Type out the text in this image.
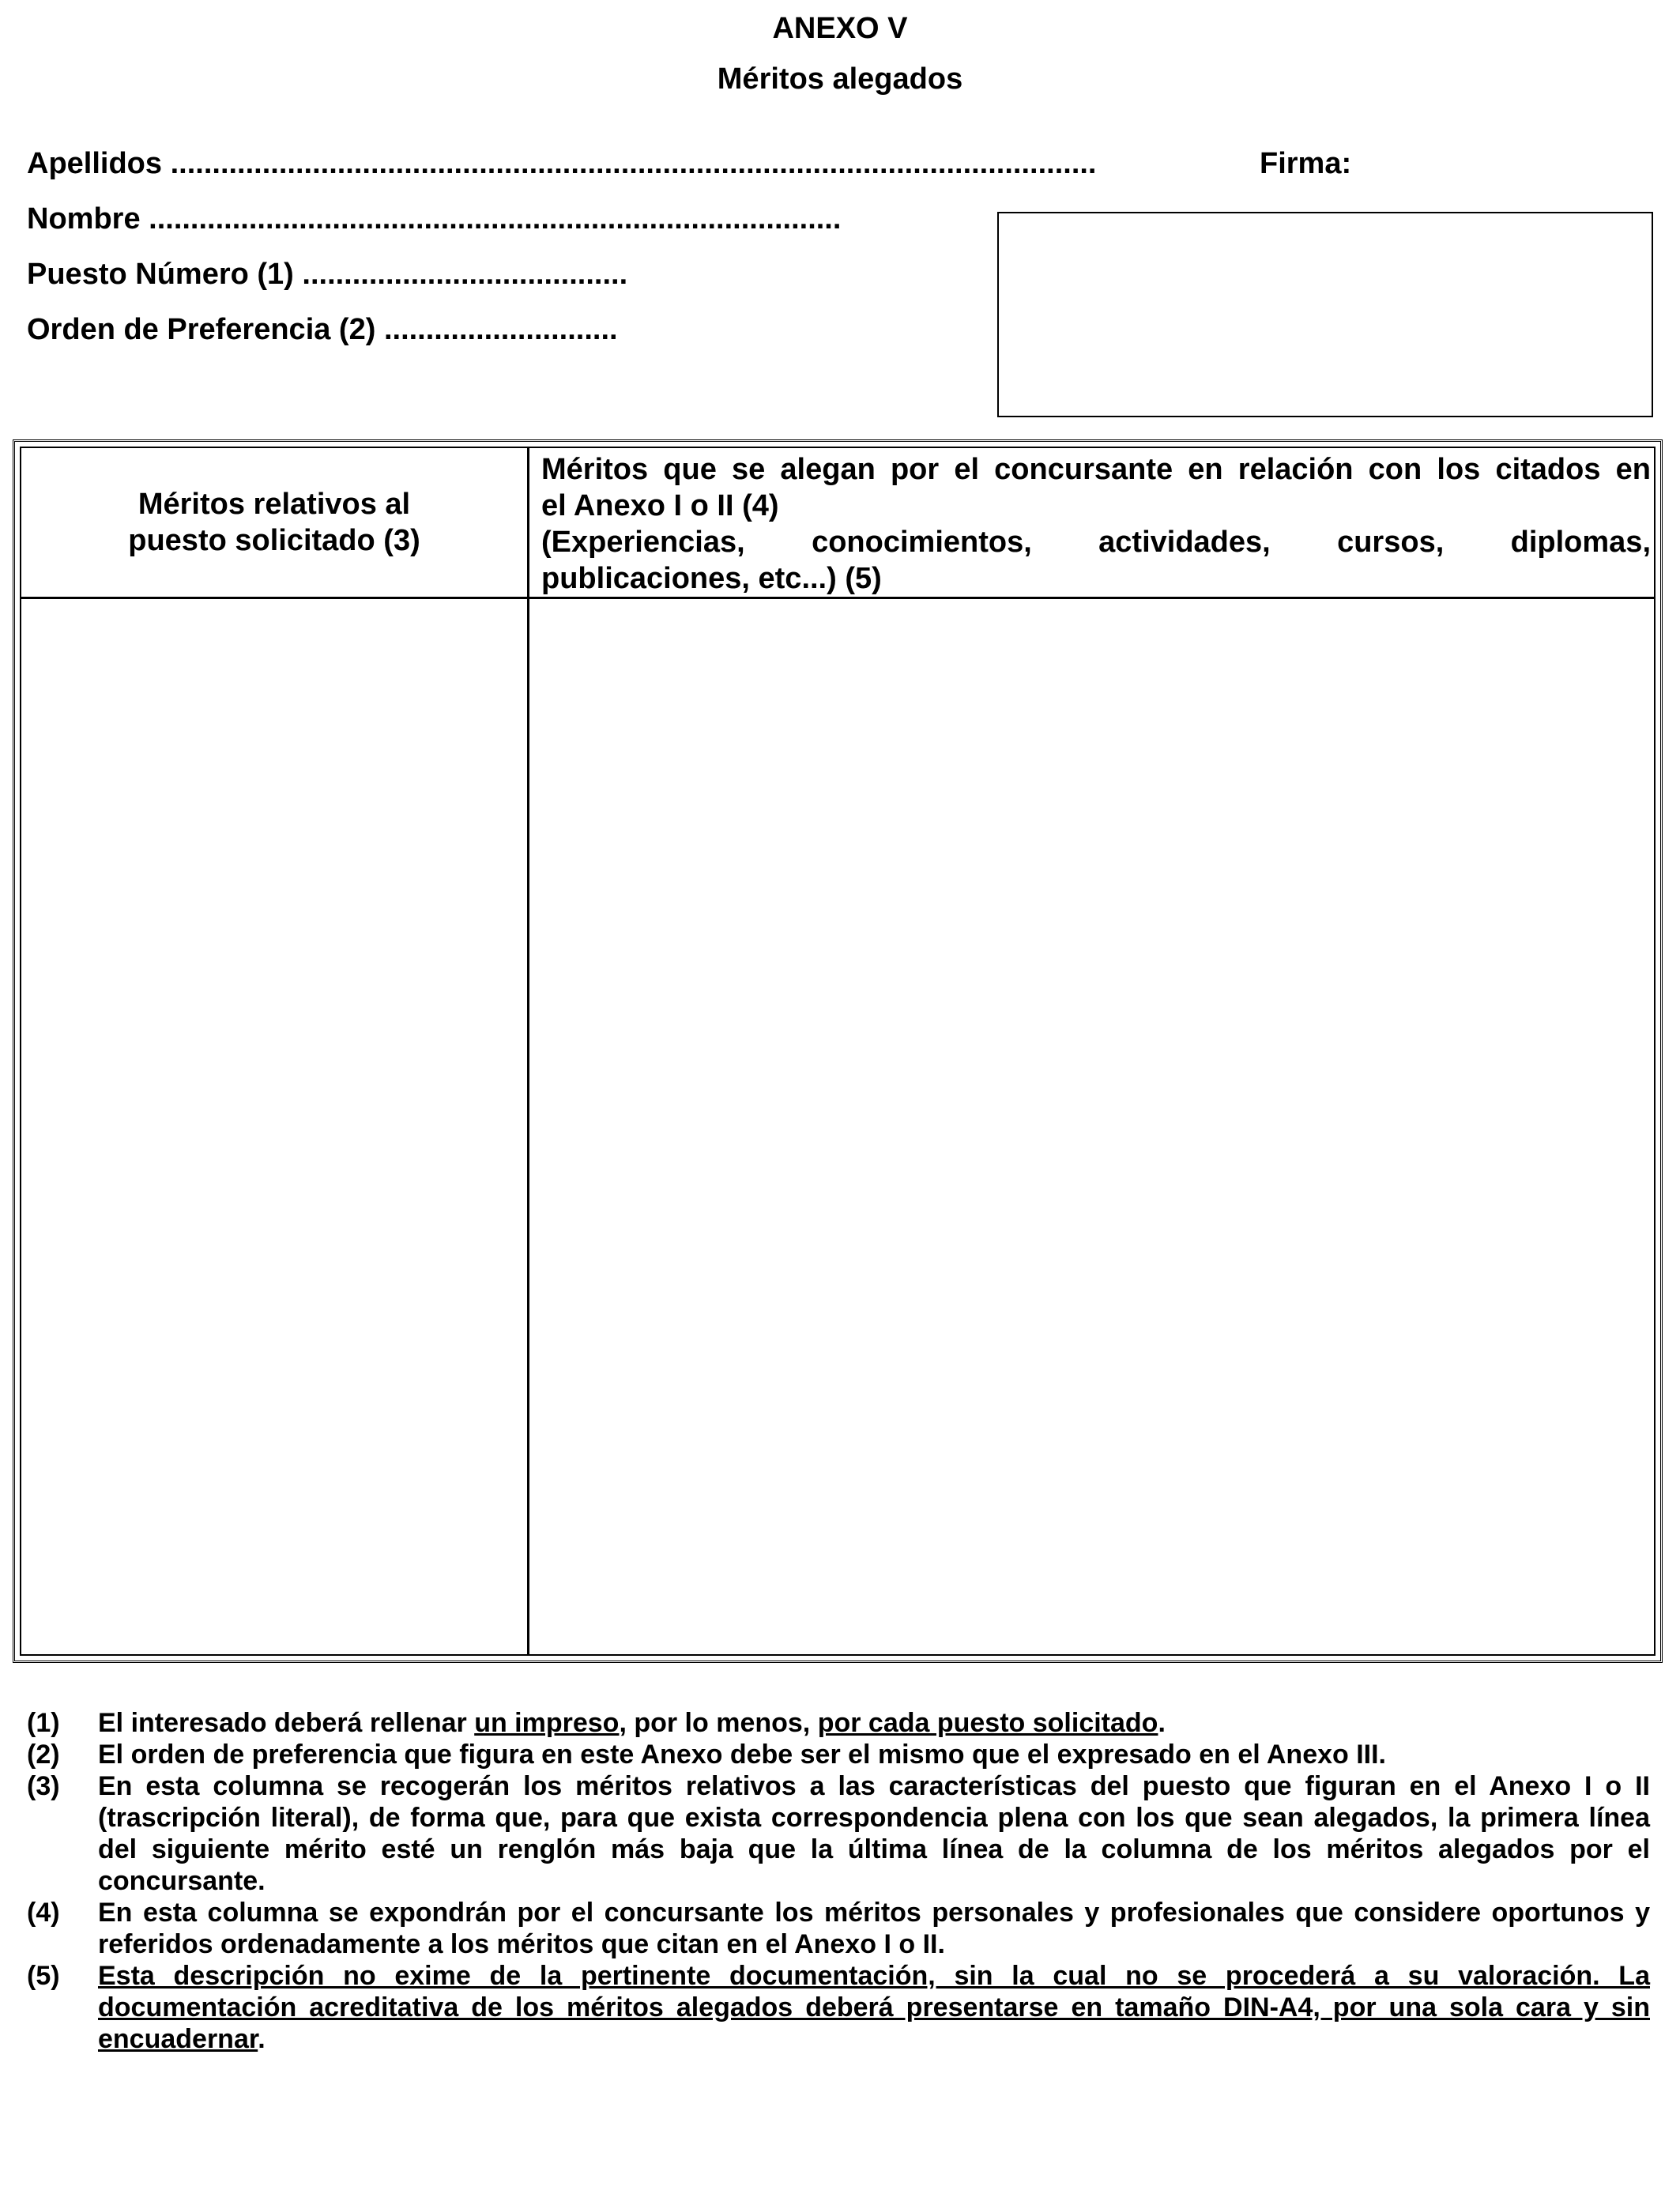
ANEXO V
Méritos alegados
Apellidos ...............................................................................................................	Firma:
Nombre ...................................................................................
Puesto Número (1) .......................................
Orden de Preferencia (2) ............................
Méritos relativos al
puesto solicitado (3)
Méritos que se alegan por el concursante en relación con los citados en
el Anexo I o II (4)
(Experiencias, conocimientos, actividades, cursos, diplomas,
publicaciones, etc...) (5)
(1) El interesado deberá rellenar un impreso, por lo menos, por cada puesto solicitado.
(2) El orden de preferencia que figura en este Anexo debe ser el mismo que el expresado en el Anexo III.
(3) En esta columna se recogerán los méritos relativos a las características del puesto que figuran en el Anexo I o II (trascripción literal), de forma que, para que exista correspondencia plena con los que sean alegados, la primera línea del siguiente mérito esté un renglón más baja que la última línea de la columna de los méritos alegados por el concursante.
(4) En esta columna se expondrán por el concursante los méritos personales y profesionales que considere oportunos y referidos ordenadamente a los méritos que citan en el Anexo I o II.
(5) Esta descripción no exime de la pertinente documentación, sin la cual no se procederá a su valoración. La documentación acreditativa de los méritos alegados deberá presentarse en tamaño DIN-A4, por una sola cara y sin encuadernar.
